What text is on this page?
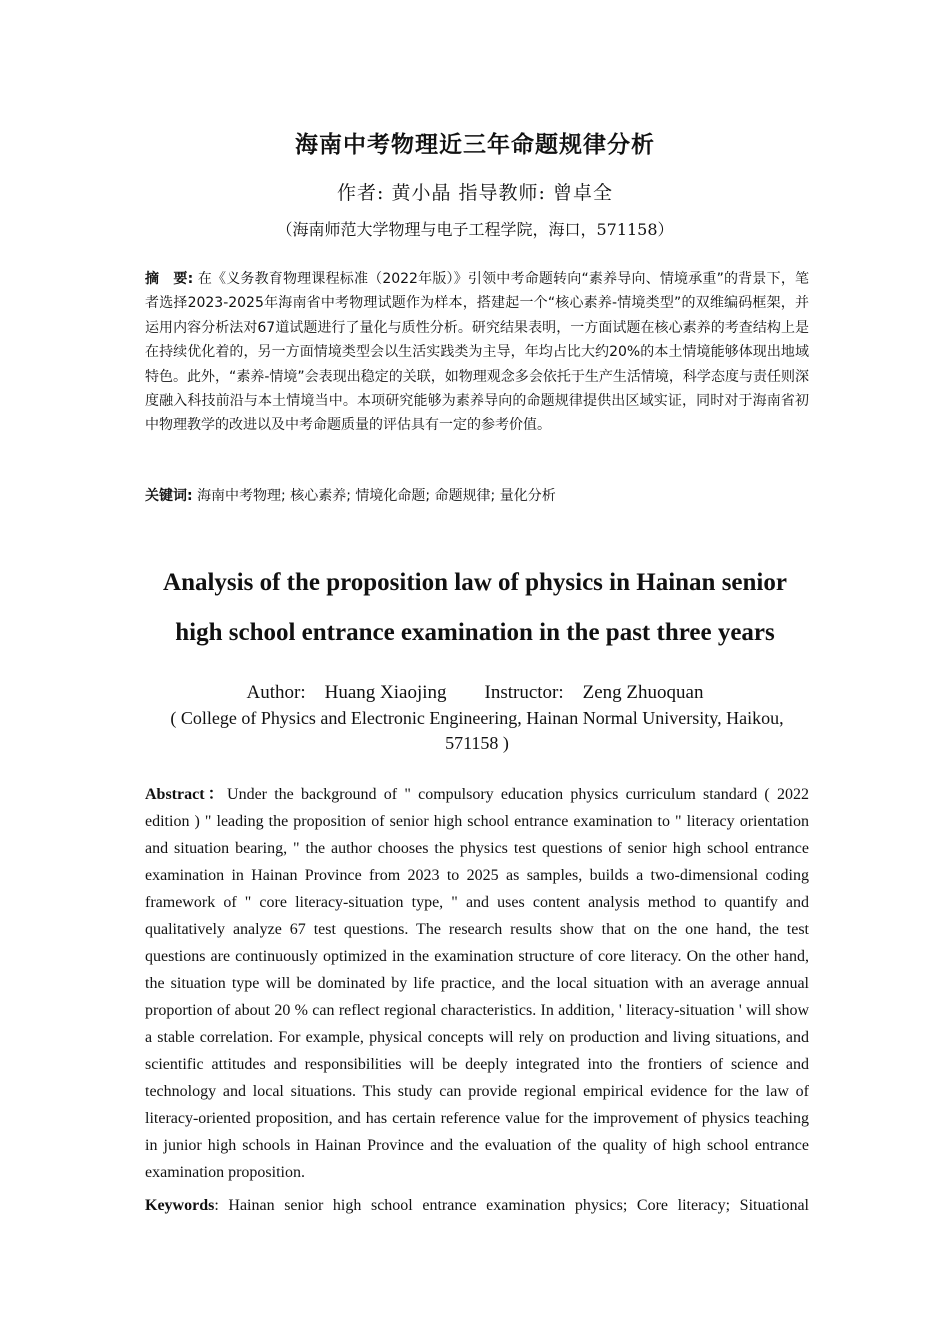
海南中考物理近三年命题规律分析
作者: 黄小晶 指导教师: 曾卓全
（海南师范大学物理与电子工程学院，海口，571158）
摘　要: 在《义务教育物理课程标准（2022年版）》引领中考命题转向“素养导向、情境承重”的背景下，笔者选择2023-2025年海南省中考物理试题作为样本，搭建起一个“核心素养-情境类型”的双维编码框架，并运用内容分析法对67道试题进行了量化与质性分析。研究结果表明，一方面试题在核心素养的考查结构上是在持续优化着的，另一方面情境类型会以生活实践类为主导，年均占比大约20%的本土情境能够体现出地域特色。此外，“素养-情境”会表现出稳定的关联，如物理观念多会依托于生产生活情境，科学态度与责任则深度融入科技前沿与本土情境当中。本项研究能够为素养导向的命题规律提供出区域实证，同时对于海南省初中物理教学的改进以及中考命题质量的评估具有一定的参考价值。
关键词: 海南中考物理; 核心素养; 情境化命题; 命题规律; 量化分析
Analysis of the proposition law of physics in Hainan senior
high school entrance examination in the past three years
Author:    Huang Xiaojing        Instructor:    Zeng Zhuoquan
( College of Physics and Electronic Engineering, Hainan Normal University, Haikou, 571158 )
Abstract：Under the background of " compulsory education physics curriculum standard ( 2022 edition ) " leading the proposition of senior high school entrance examination to " literacy orientation and situation bearing, " the author chooses the physics test questions of senior high school entrance examination in Hainan Province from 2023 to 2025 as samples, builds a two-dimensional coding framework of " core literacy-situation type, " and uses content analysis method to quantify and qualitatively analyze 67 test questions. The research results show that on the one hand, the test questions are continuously optimized in the examination structure of core literacy. On the other hand, the situation type will be dominated by life practice, and the local situation with an average annual proportion of about 20 % can reflect regional characteristics. In addition, ' literacy-situation ' will show a stable correlation. For example, physical concepts will rely on production and living situations, and scientific attitudes and responsibilities will be deeply integrated into the frontiers of science and technology and local situations. This study can provide regional empirical evidence for the law of literacy-oriented proposition, and has certain reference value for the improvement of physics teaching in junior high schools in Hainan Province and the evaluation of the quality of high school entrance examination proposition.
Keywords: Hainan senior high school entrance examination physics; Core literacy; Situational
